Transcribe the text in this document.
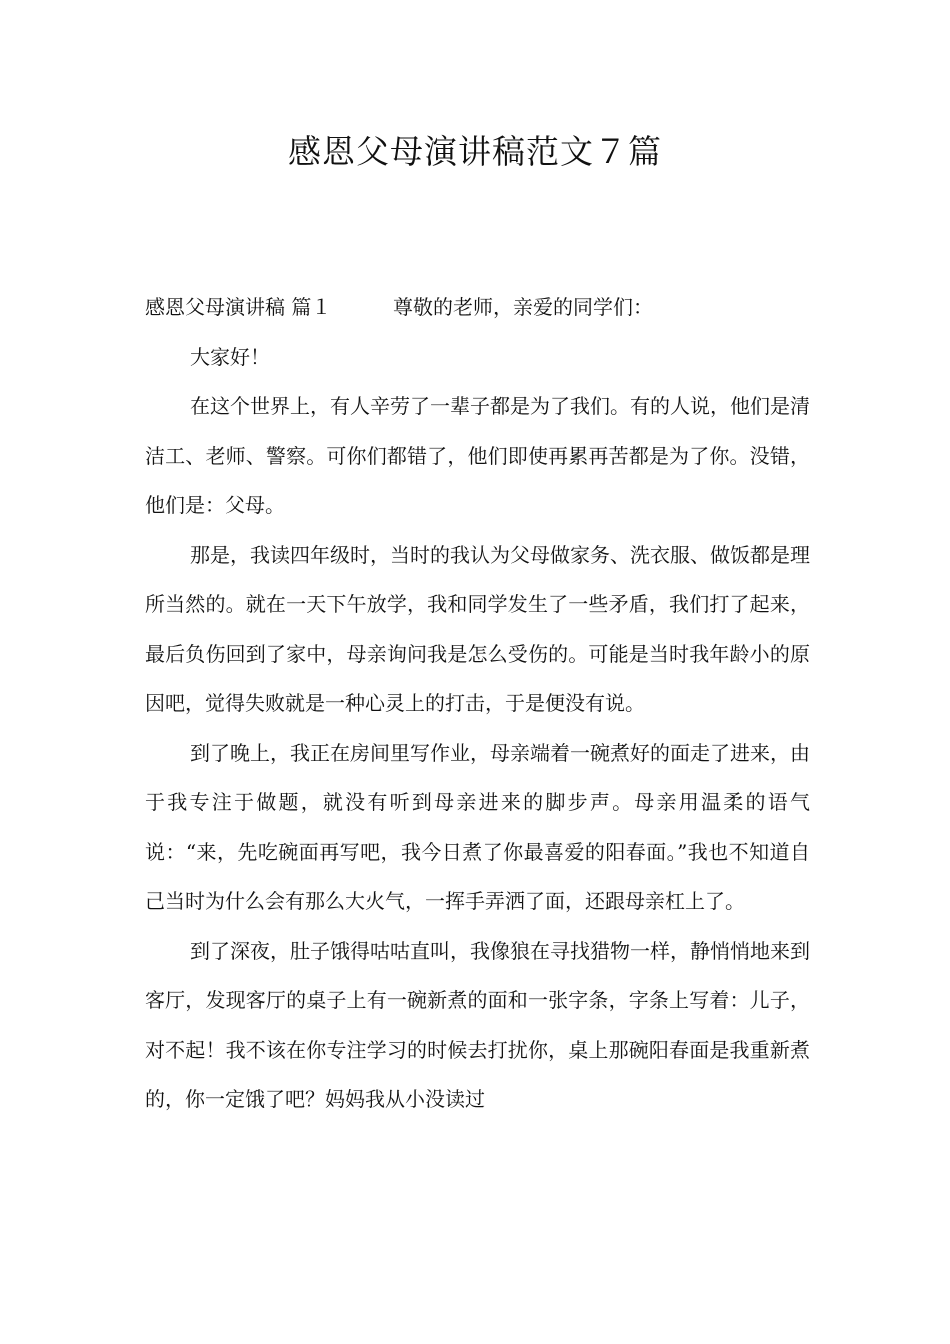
感恩父母演讲稿范文７篇

感恩父母演讲稿 篇１	尊敬的老师，亲爱的同学们：

大家好！

在这个世界上，有人辛劳了一辈子都是为了我们。有的人说，他们是清洁工、老师、警察。可你们都错了，他们即使再累再苦都是为了你。没错，他们是：父母。

那是，我读四年级时，当时的我认为父母做家务、洗衣服、做饭都是理所当然的。就在一天下午放学，我和同学发生了一些矛盾，我们打了起来，最后负伤回到了家中，母亲询问我是怎么受伤的。可能是当时我年龄小的原因吧，觉得失败就是一种心灵上的打击，于是便没有说。

到了晚上，我正在房间里写作业，母亲端着一碗煮好的面走了进来，由于我专注于做题，就没有听到母亲进来的脚步声。母亲用温柔的语气说：“来，先吃碗面再写吧，我今日煮了你最喜爱的阳春面。”我也不知道自己当时为什么会有那么大火气，一挥手弄洒了面，还跟母亲杠上了。

到了深夜，肚子饿得咕咕直叫，我像狼在寻找猎物一样，静悄悄地来到客厅，发现客厅的桌子上有一碗新煮的面和一张字条，字条上写着：儿子，对不起！我不该在你专注学习的时候去打扰你，桌上那碗阳春面是我重新煮的，你一定饿了吧？妈妈我从小没读过
